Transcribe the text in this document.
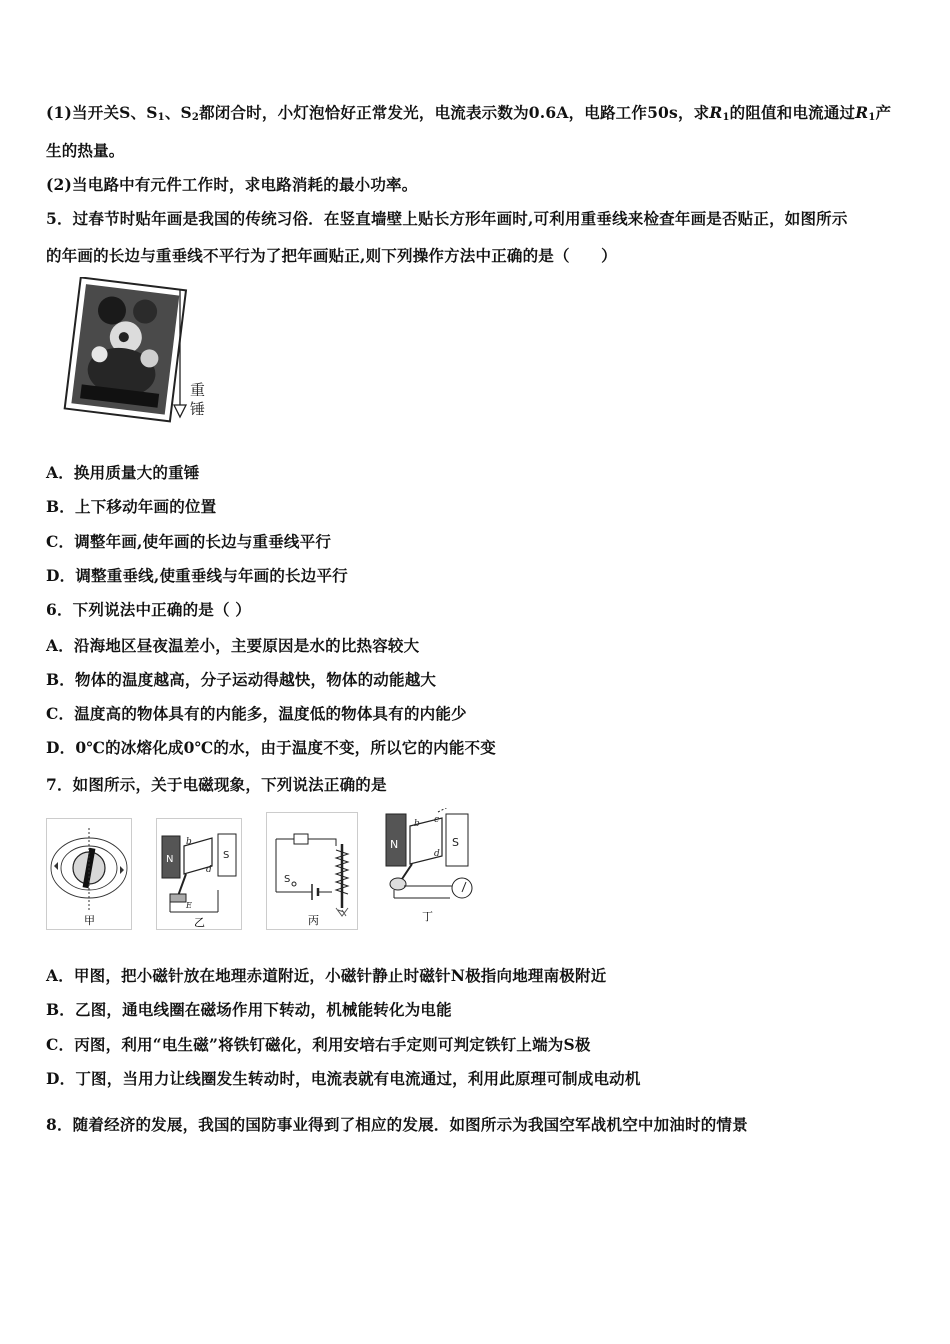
(1)当开关S、$S_1$、$S_2$都闭合时，小灯泡恰好正常发光，电流表示数为0.6A，电路工作50s，求$R_1$的阻值和电流通过$R_1$产
生的热量。
(2)当电路中有元件工作时，求电路消耗的最小功率。
5．过春节时贴年画是我国的传统习俗．在竖直墙壁上贴长方形年画时,可利用重垂线来检查年画是否贴正，如图所示
的年画的长边与重垂线不平行为了把年画贴正,则下列操作方法中正确的是（　　）
重
锤
A．换用质量大的重锤
B．上下移动年画的位置
C．调整年画,使年画的长边与重垂线平行
D．调整重垂线,使重垂线与年画的长边平行
6．下列说法中正确的是（ ）
A．沿海地区昼夜温差小，主要原因是水的比热容较大
B．物体的温度越高，分子运动得越快，物体的动能越大
C．温度高的物体具有的内能多，温度低的物体具有的内能少
D．0℃的冰熔化成0℃的水，由于温度不变，所以它的内能不变
7．如图所示，关于电磁现象，下列说法正确的是
甲
N	S
b
d
E
乙
S
丙
N	S
b
d
c
丁
A．甲图，把小磁针放在地理赤道附近，小磁针静止时磁针N极指向地理南极附近
B．乙图，通电线圈在磁场作用下转动，机械能转化为电能
C．丙图，利用“电生磁”将铁钉磁化，利用安培右手定则可判定铁钉上端为S极
D．丁图，当用力让线圈发生转动时，电流表就有电流通过，利用此原理可制成电动机
8．随着经济的发展，我国的国防事业得到了相应的发展．如图所示为我国空军战机空中加油时的情景
